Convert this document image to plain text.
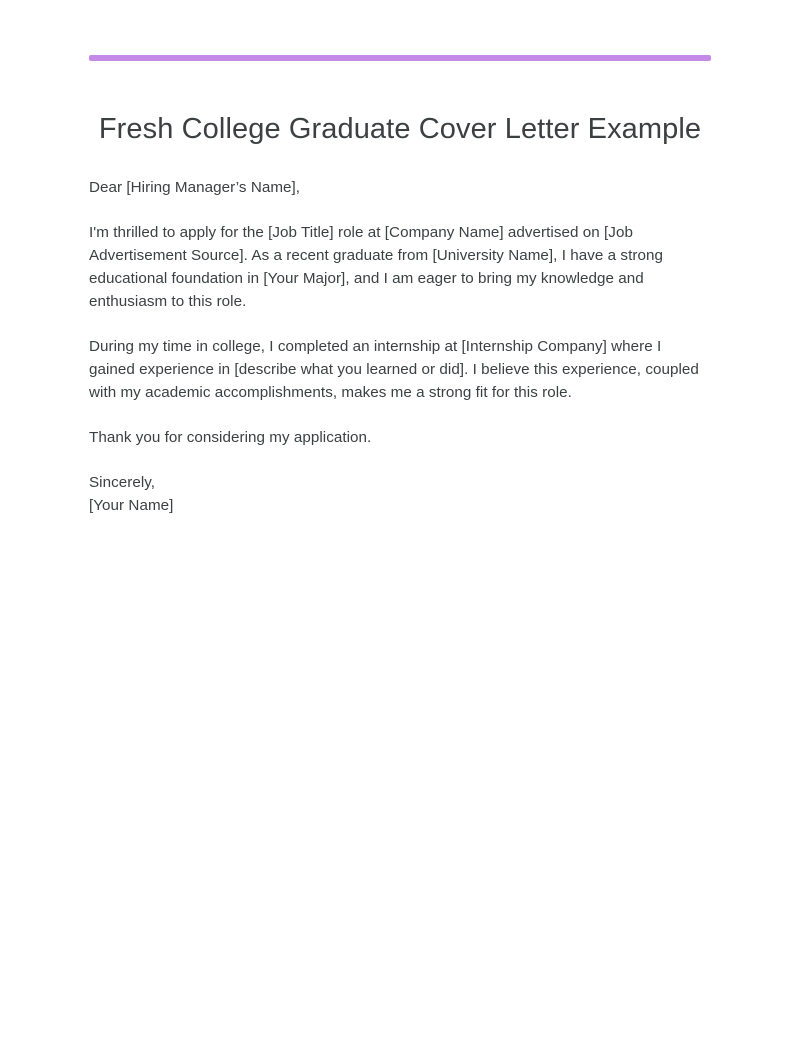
Fresh College Graduate Cover Letter Example

Dear [Hiring Manager’s Name],

I'm thrilled to apply for the [Job Title] role at [Company Name] advertised on [Job Advertisement Source]. As a recent graduate from [University Name], I have a strong educational foundation in [Your Major], and I am eager to bring my knowledge and enthusiasm to this role.

During my time in college, I completed an internship at [Internship Company] where I gained experience in [describe what you learned or did]. I believe this experience, coupled with my academic accomplishments, makes me a strong fit for this role.

Thank you for considering my application.

Sincerely,
[Your Name]
